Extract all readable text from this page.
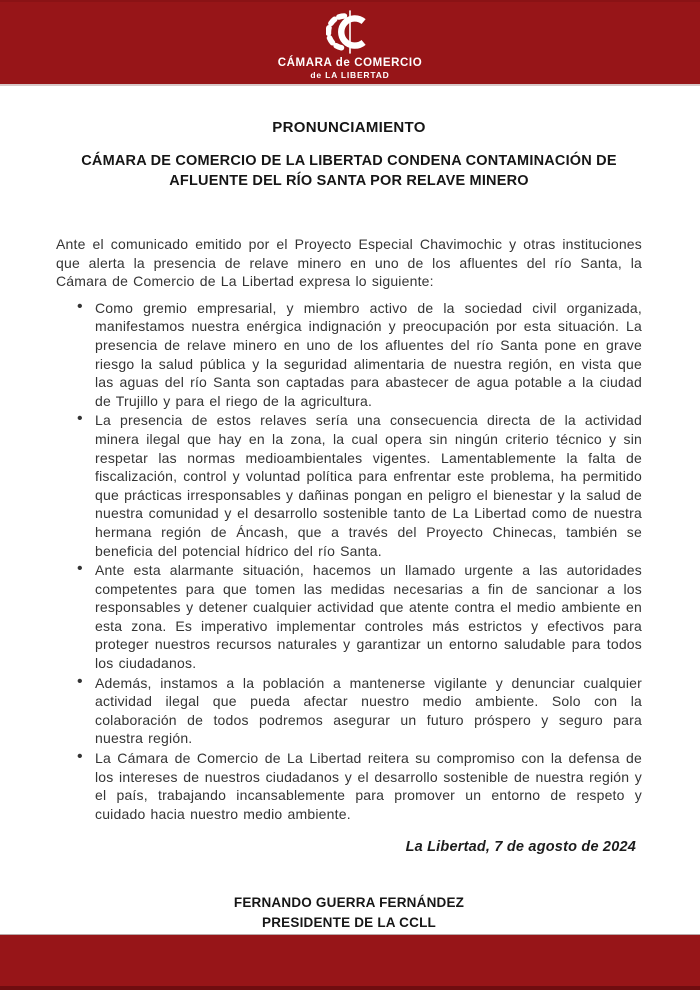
CÁMARA de COMERCIO
de LA LIBERTAD
PRONUNCIAMIENTO
CÁMARA DE COMERCIO DE LA LIBERTAD CONDENA CONTAMINACIÓN DE AFLUENTE DEL RÍO SANTA POR RELAVE MINERO

Ante el comunicado emitido por el Proyecto Especial Chavimochic y otras instituciones que alerta la presencia de relave minero en uno de los afluentes del río Santa, la Cámara de Comercio de La Libertad expresa lo siguiente:

• Como gremio empresarial, y miembro activo de la sociedad civil organizada, manifestamos nuestra enérgica indignación y preocupación por esta situación. La presencia de relave minero en uno de los afluentes del río Santa pone en grave riesgo la salud pública y la seguridad alimentaria de nuestra región, en vista que las aguas del río Santa son captadas para abastecer de agua potable a la ciudad de Trujillo y para el riego de la agricultura.
• La presencia de estos relaves sería una consecuencia directa de la actividad minera ilegal que hay en la zona, la cual opera sin ningún criterio técnico y sin respetar las normas medioambientales vigentes. Lamentablemente la falta de fiscalización, control y voluntad política para enfrentar este problema, ha permitido que prácticas irresponsables y dañinas pongan en peligro el bienestar y la salud de nuestra comunidad y el desarrollo sostenible tanto de La Libertad como de nuestra hermana región de Áncash, que a través del Proyecto Chinecas, también se beneficia del potencial hídrico del río Santa.
• Ante esta alarmante situación, hacemos un llamado urgente a las autoridades competentes para que tomen las medidas necesarias a fin de sancionar a los responsables y detener cualquier actividad que atente contra el medio ambiente en esta zona. Es imperativo implementar controles más estrictos y efectivos para proteger nuestros recursos naturales y garantizar un entorno saludable para todos los ciudadanos.
• Además, instamos a la población a mantenerse vigilante y denunciar cualquier actividad ilegal que pueda afectar nuestro medio ambiente. Solo con la colaboración de todos podremos asegurar un futuro próspero y seguro para nuestra región.
• La Cámara de Comercio de La Libertad reitera su compromiso con la defensa de los intereses de nuestros ciudadanos y el desarrollo sostenible de nuestra región y el país, trabajando incansablemente para promover un entorno de respeto y cuidado hacia nuestro medio ambiente.

La Libertad, 7 de agosto de 2024

FERNANDO GUERRA FERNÁNDEZ
PRESIDENTE DE LA CCLL
